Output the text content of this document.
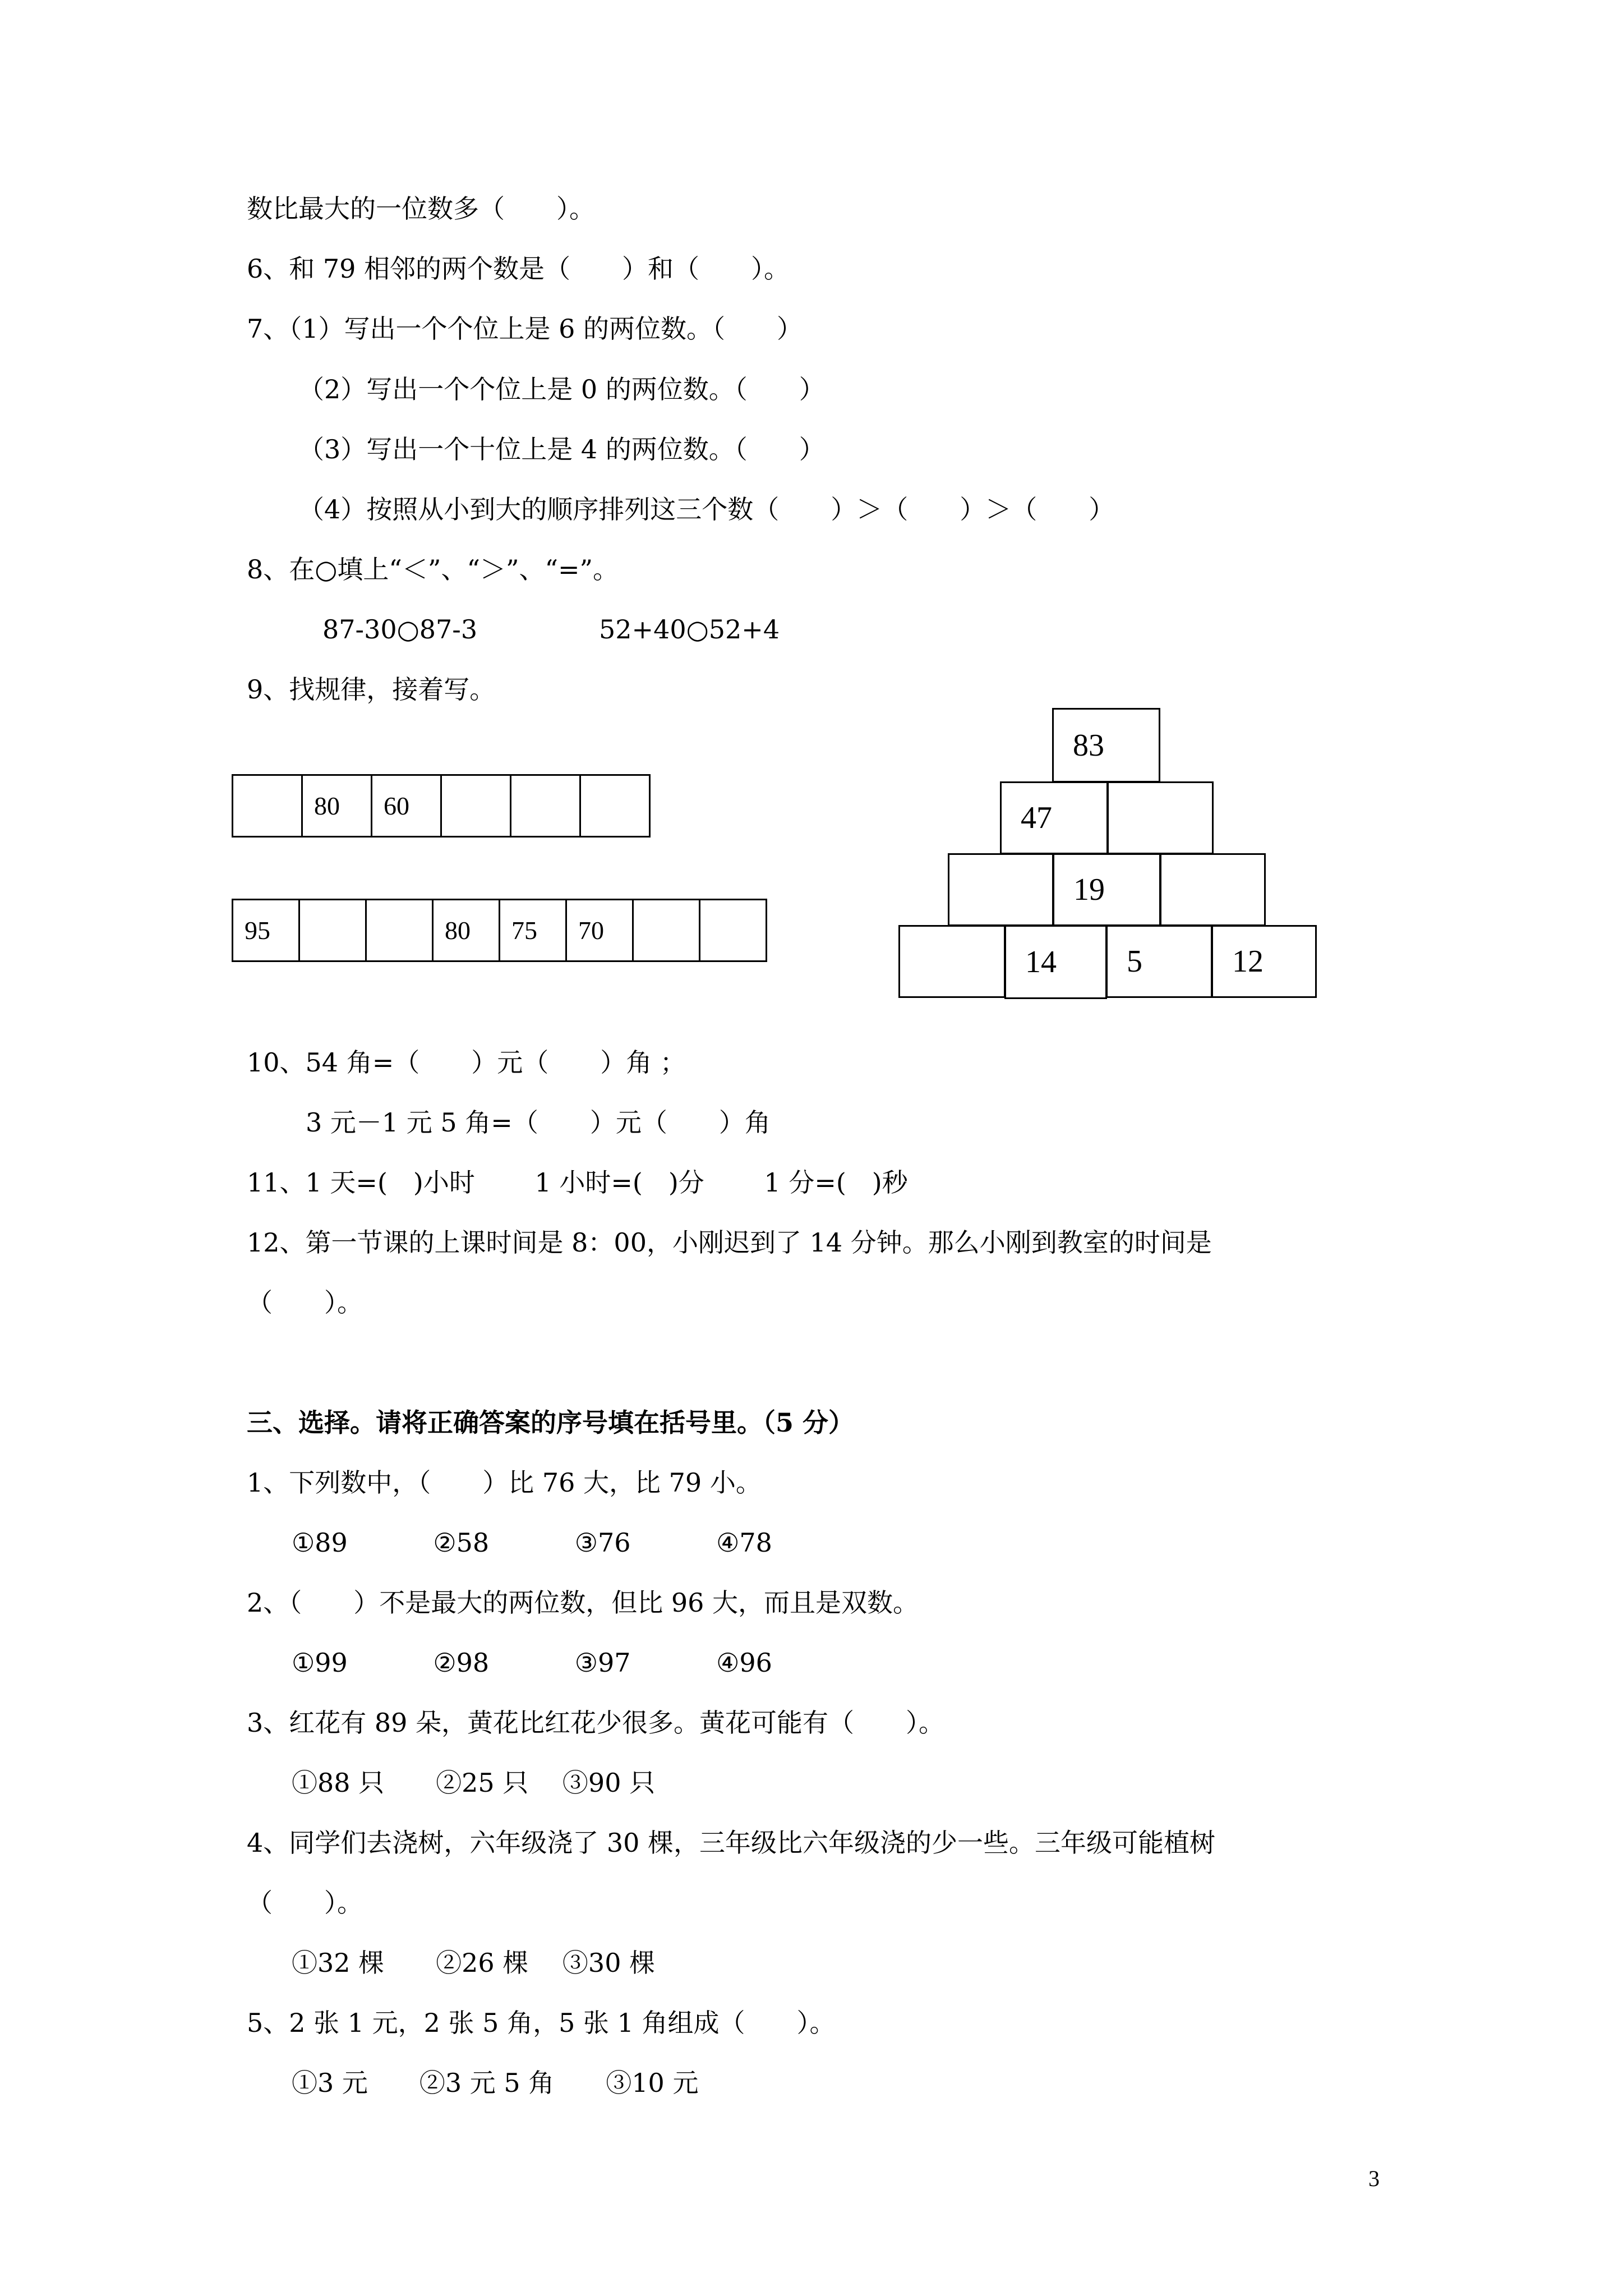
数比最大的一位数多（　　）。
6、和 79 相邻的两个数是（　　）和（　　）。
7、（1）写出一个个位上是 6 的两位数。（　　）
（2）写出一个个位上是 0 的两位数。（　　）
（3）写出一个十位上是 4 的两位数。（　　）
（4）按照从小到大的顺序排列这三个数（　　）＞（　　）＞（　　）
8、在○填上“＜”、“＞”、“=”。
87-30○87-3	52+40○52+4
9、找规律，接着写。
80	60
95	80	75	70
83
47
19
14	5	12
10、54 角=（　　）元（　　）角 ；
3 元－1 元 5 角=（　　）元（　　）角
11、1 天=(　)小时　　 1 小时=(　)分　　 1 分=(　)秒
12、第一节课的上课时间是 8：00，小刚迟到了 14 分钟。那么小刚到教室的时间是
（　　）。
三、选择。请将正确答案的序号填在括号里。（5 分）
1、下列数中，（　　）比 76 大，比 79 小。
①89　　　 ②58　　　 ③76　　　 ④78
2、（　　）不是最大的两位数，但比 96 大，而且是双数。
①99　　　 ②98　　　 ③97　　　 ④96
3、红花有 89 朵，黄花比红花少很多。黄花可能有（　　）。
①88 只　　②25 只　 ③90 只
4、同学们去浇树，六年级浇了 30 棵，三年级比六年级浇的少一些。三年级可能植树
（　　）。
①32 棵　　②26 棵　 ③30 棵
5、2 张 1 元，2 张 5 角，5 张 1 角组成（　　）。
①3 元　　②3 元 5 角　　③10 元
3
